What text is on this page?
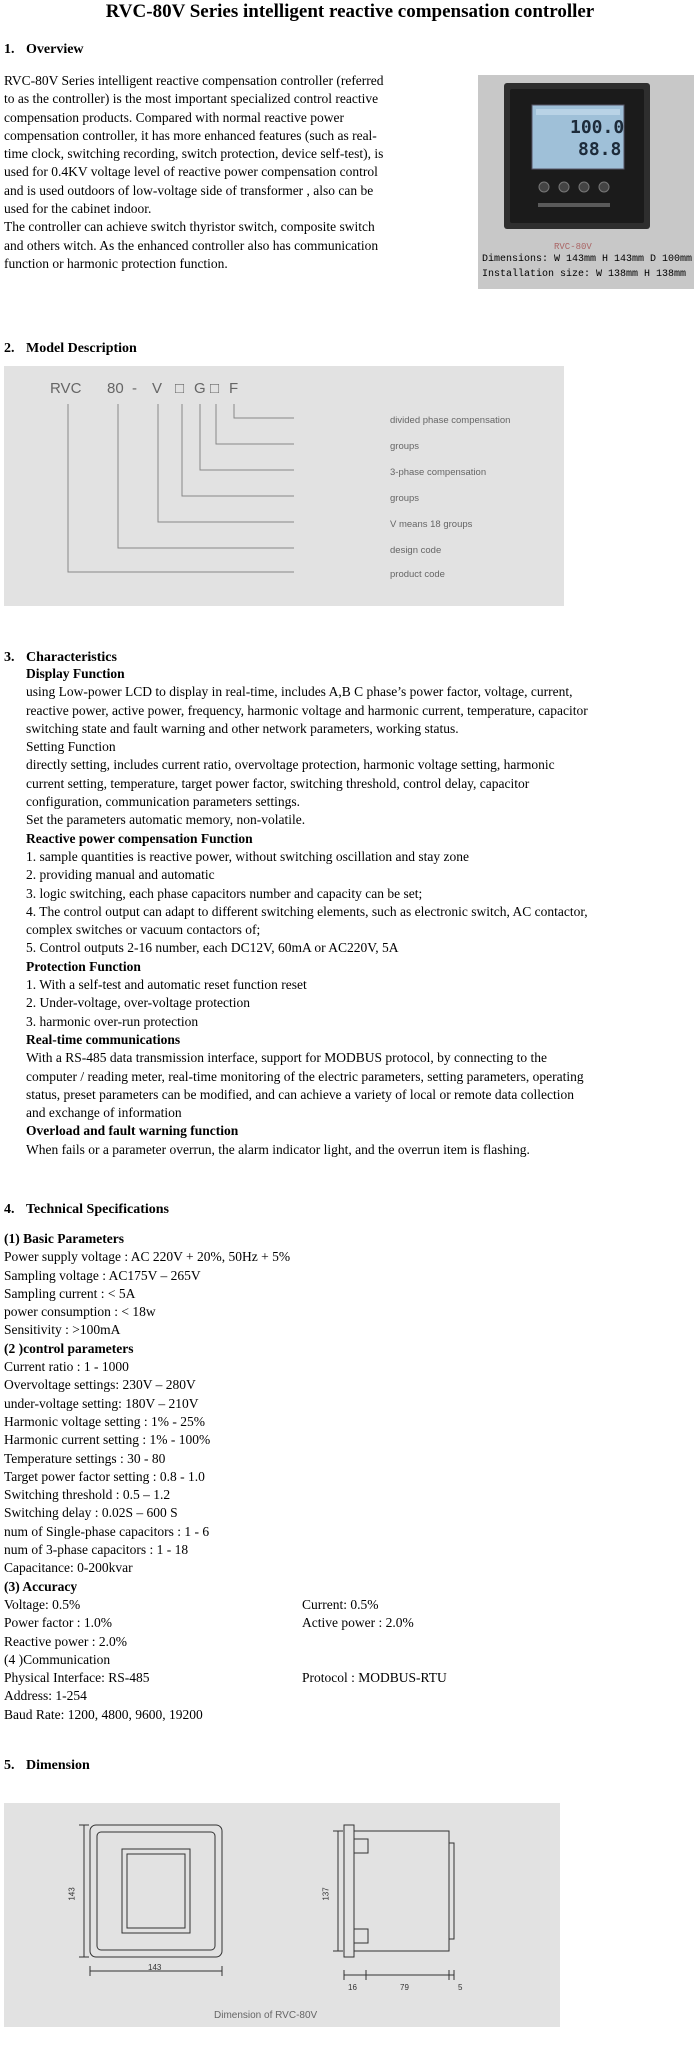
RVC-80V Series intelligent reactive compensation controller
1. Overview
RVC-80V Series intelligent reactive compensation controller (referred
to as the controller) is the most important specialized control reactive
compensation products. Compared with normal reactive power
compensation controller, it has more enhanced features (such as real-
time clock, switching recording, switch protection, device self-test), is
used for 0.4KV voltage level of reactive power compensation control
and is used outdoors of low-voltage side of transformer , also can be
used for the cabinet indoor.
The controller can achieve switch thyristor switch, composite switch
and others witch. As the enhanced controller also has communication
function or harmonic protection function.
100.0
88.8
RVC-80V
Dimensions: W 143mm H 143mm D 100mm
Installation size: W 138mm H 138mm
2. Model Description
RVC 80 - V □ G □ F
divided phase compensation
groups
3-phase compensation
groups
V means 18 groups
design code
product code
3. Characteristics
Display Function
using Low-power LCD to display in real-time, includes A,B C phase’s power factor, voltage, current,
reactive power, active power, frequency, harmonic voltage and harmonic current, temperature, capacitor
switching state and fault warning and other network parameters, working status.
Setting Function
directly setting, includes current ratio, overvoltage protection, harmonic voltage setting, harmonic
current setting, temperature, target power factor, switching threshold, control delay, capacitor
configuration, communication parameters settings.
Set the parameters automatic memory, non-volatile.
Reactive power compensation Function
1. sample quantities is reactive power, without switching oscillation and stay zone
2. providing manual and automatic
3. logic switching, each phase capacitors number and capacity can be set;
4. The control output can adapt to different switching elements, such as electronic switch, AC contactor,
complex switches or vacuum contactors of;
5. Control outputs 2-16 number, each DC12V, 60mA or AC220V, 5A
Protection Function
1. With a self-test and automatic reset function reset
2. Under-voltage, over-voltage protection
3. harmonic over-run protection
Real-time communications
With a RS-485 data transmission interface, support for MODBUS protocol, by connecting to the
computer / reading meter, real-time monitoring of the electric parameters, setting parameters, operating
status, preset parameters can be modified, and can achieve a variety of local or remote data collection
and exchange of information
Overload and fault warning function
When fails or a parameter overrun, the alarm indicator light, and the overrun item is flashing.
4. Technical Specifications
(1) Basic Parameters
Power supply voltage : AC 220V + 20%, 50Hz + 5%
Sampling voltage : AC175V – 265V
Sampling current : < 5A
power consumption : < 18w
Sensitivity : >100mA
(2 )control parameters
Current ratio : 1 - 1000
Overvoltage settings: 230V – 280V
under-voltage setting: 180V – 210V
Harmonic voltage setting : 1% - 25%
Harmonic current setting : 1% - 100%
Temperature settings : 30 - 80
Target power factor setting : 0.8 - 1.0
Switching threshold : 0.5 – 1.2
Switching delay : 0.02S – 600 S
num of Single-phase capacitors : 1 - 6
num of 3-phase capacitors : 1 - 18
Capacitance: 0-200kvar
(3) Accuracy
Voltage: 0.5%	Current: 0.5%
Power factor : 1.0%	Active power : 2.0%
Reactive power : 2.0%
(4 )Communication
Physical Interface: RS-485	Protocol : MODBUS-RTU
Address: 1-254
Baud Rate: 1200, 4800, 9600, 19200
5. Dimension
143
143
137
16	79	5
Dimension of RVC-80V
